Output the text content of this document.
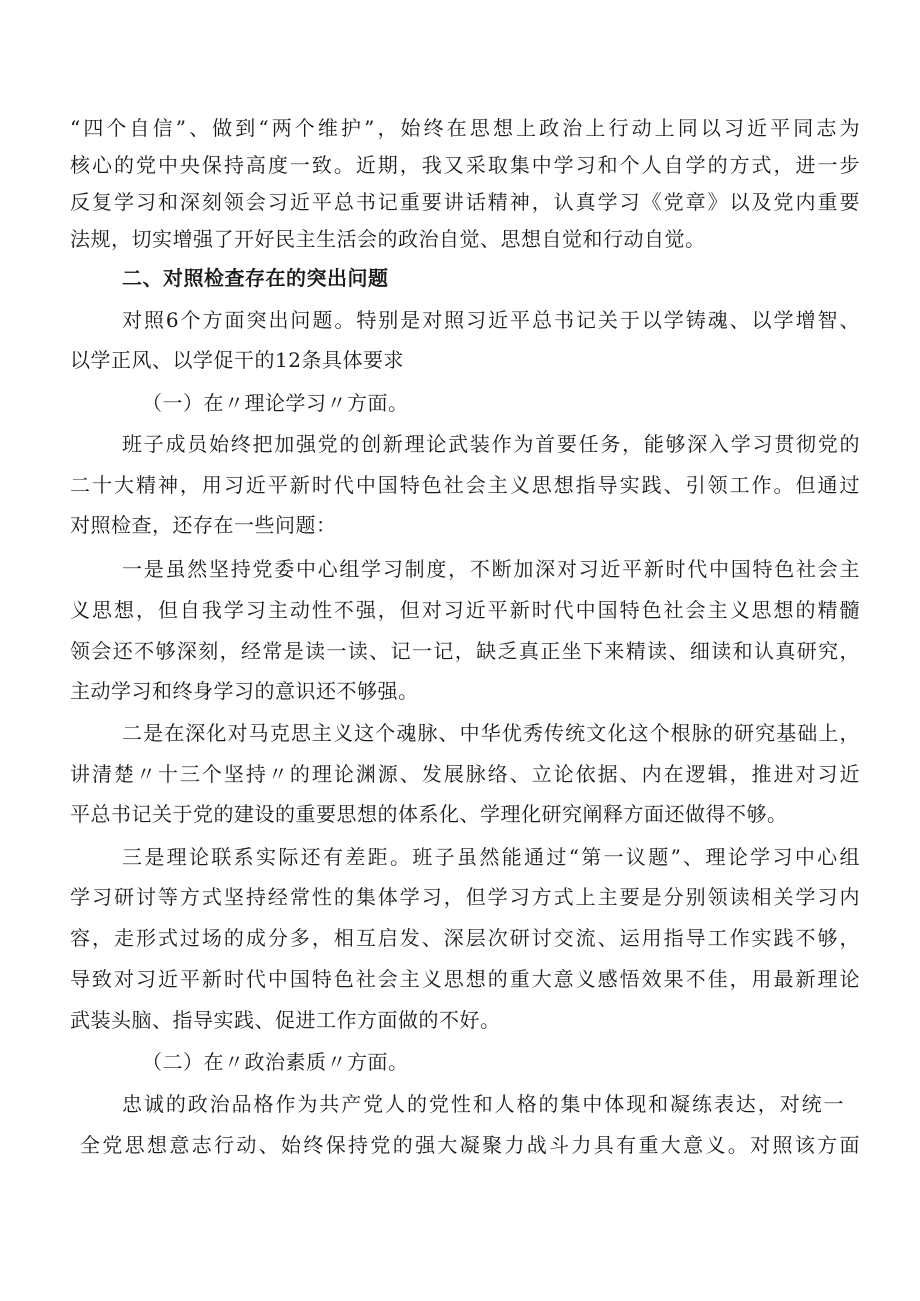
“四个自信”、做到“两个维护”，始终在思想上政治上行动上同以习近平同志为
核心的党中央保持高度一致。近期，我又采取集中学习和个人自学的方式，进一步
反复学习和深刻领会习近平总书记重要讲话精神，认真学习《党章》以及党内重要
法规，切实增强了开好民主生活会的政治自觉、思想自觉和行动自觉。
二、对照检查存在的突出问题
对照6个方面突出问题。特别是对照习近平总书记关于以学铸魂、以学增智、
以学正风、以学促干的12条具体要求
（一）在〃理论学习〃方面。
班子成员始终把加强党的创新理论武装作为首要任务，能够深入学习贯彻党的
二十大精神，用习近平新时代中国特色社会主义思想指导实践、引领工作。但通过
对照检查，还存在一些问题：
一是虽然坚持党委中心组学习制度，不断加深对习近平新时代中国特色社会主
义思想，但自我学习主动性不强，但对习近平新时代中国特色社会主义思想的精髓
领会还不够深刻，经常是读一读、记一记，缺乏真正坐下来精读、细读和认真研究，
主动学习和终身学习的意识还不够强。
二是在深化对马克思主义这个魂脉、中华优秀传统文化这个根脉的研究基础上，
讲清楚〃十三个坚持〃的理论渊源、发展脉络、立论依据、内在逻辑，推进对习近
平总书记关于党的建设的重要思想的体系化、学理化研究阐释方面还做得不够。
三是理论联系实际还有差距。班子虽然能通过“第一议题”、理论学习中心组
学习研讨等方式坚持经常性的集体学习，但学习方式上主要是分别领读相关学习内
容，走形式过场的成分多，相互启发、深层次研讨交流、运用指导工作实践不够，
导致对习近平新时代中国特色社会主义思想的重大意义感悟效果不佳，用最新理论
武装头脑、指导实践、促进工作方面做的不好。
（二）在〃政治素质〃方面。
忠诚的政治品格作为共产党人的党性和人格的集中体现和凝练表达，对统一
全党思想意志行动、始终保持党的强大凝聚力战斗力具有重大意义。对照该方面
